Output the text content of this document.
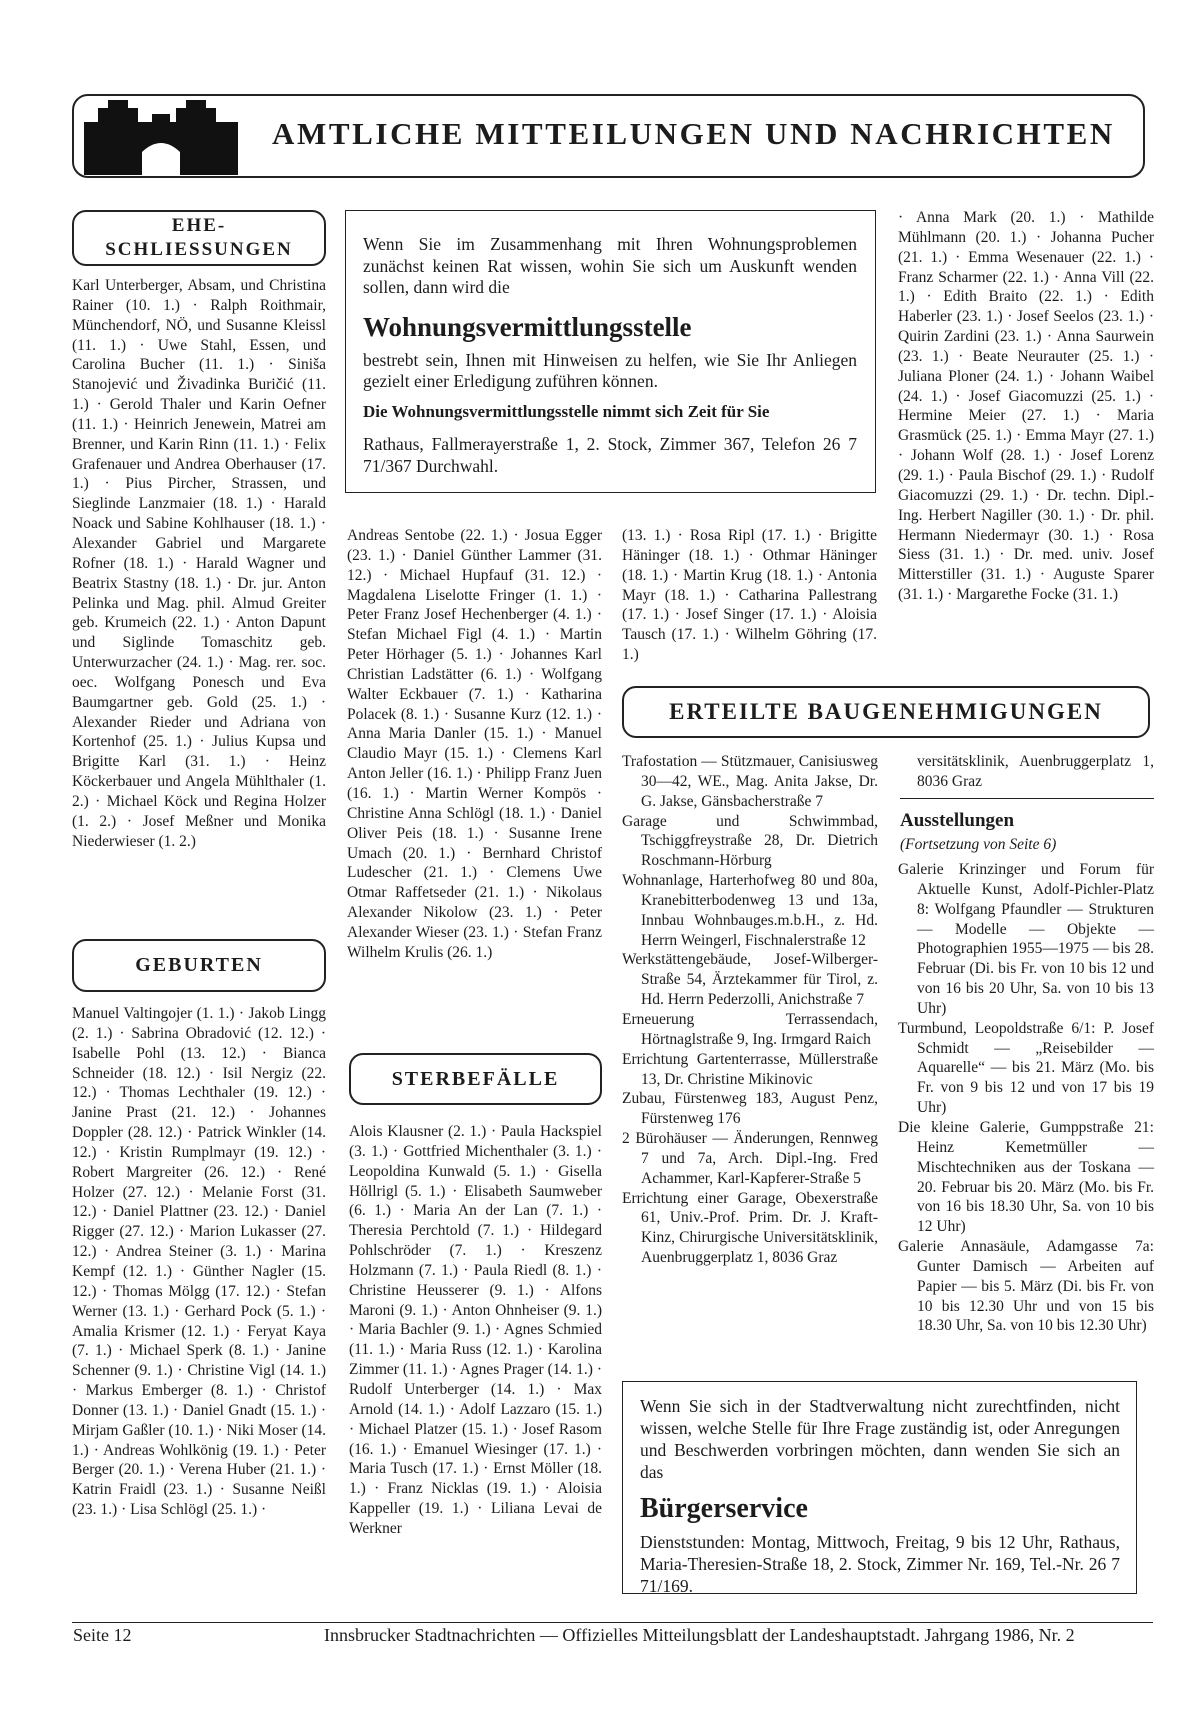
AMTLICHE MITTEILUNGEN UND NACHRICHTEN
EHE-
SCHLIESSUNGEN

Karl Unterberger, Absam, und Christina Rainer (10. 1.) · Ralph Roithmair, Münchendorf, NÖ, und Susanne Kleissl (11. 1.) · Uwe Stahl, Essen, und Carolina Bucher (11. 1.) · Siniša Stanojević und Živadinka Buričić (11. 1.) · Gerold Thaler und Karin Oefner (11. 1.) · Heinrich Jenewein, Matrei am Brenner, und Karin Rinn (11. 1.) · Felix Grafenauer und Andrea Oberhauser (17. 1.) · Pius Pircher, Strassen, und Sieglinde Lanzmaier (18. 1.) · Harald Noack und Sabine Kohlhauser (18. 1.) · Alexander Gabriel und Margarete Rofner (18. 1.) · Harald Wagner und Beatrix Stastny (18. 1.) · Dr. jur. Anton Pelinka und Mag. phil. Almud Greiter geb. Krumeich (22. 1.) · Anton Dapunt und Siglinde Tomaschitz geb. Unterwurzacher (24. 1.) · Mag. rer. soc. oec. Wolfgang Ponesch und Eva Baumgartner geb. Gold (25. 1.) · Alexander Rieder und Adriana von Kortenhof (25. 1.) · Julius Kupsa und Brigitte Karl (31. 1.) · Heinz Köckerbauer und Angela Mühlthaler (1. 2.) · Michael Köck und Regina Holzer (1. 2.) · Josef Meßner und Monika Niederwieser (1. 2.)

GEBURTEN

Manuel Valtingojer (1. 1.) · Jakob Lingg (2. 1.) · Sabrina Obradović (12. 12.) · Isabelle Pohl (13. 12.) · Bianca Schneider (18. 12.) · Isil Nergiz (22. 12.) · Thomas Lechthaler (19. 12.) · Janine Prast (21. 12.) · Johannes Doppler (28. 12.) · Patrick Winkler (14. 12.) · Kristin Rumplmayr (19. 12.) · Robert Margreiter (26. 12.) · René Holzer (27. 12.) · Melanie Forst (31. 12.) · Daniel Plattner (23. 12.) · Daniel Rigger (27. 12.) · Marion Lukasser (27. 12.) · Andrea Steiner (3. 1.) · Marina Kempf (12. 1.) · Günther Nagler (15. 12.) · Thomas Mölgg (17. 12.) · Stefan Werner (13. 1.) · Gerhard Pock (5. 1.) · Amalia Krismer (12. 1.) · Feryat Kaya (7. 1.) · Michael Sperk (8. 1.) · Janine Schenner (9. 1.) · Christine Vigl (14. 1.) · Markus Emberger (8. 1.) · Christof Donner (13. 1.) · Daniel Gnadt (15. 1.) · Mirjam Gaßler (10. 1.) · Niki Moser (14. 1.) · Andreas Wohlkönig (19. 1.) · Peter Berger (20. 1.) · Verena Huber (21. 1.) · Katrin Fraidl (23. 1.) · Susanne Neißl (23. 1.) · Lisa Schlögl (25. 1.) ·

Wenn Sie im Zusammenhang mit Ihren Wohnungsproblemen zunächst keinen Rat wissen, wohin Sie sich um Auskunft wenden sollen, dann wird die

Wohnungsvermittlungsstelle

bestrebt sein, Ihnen mit Hinweisen zu helfen, wie Sie Ihr Anliegen gezielt einer Erledigung zuführen können.

Die Wohnungsvermittlungsstelle nimmt sich Zeit für Sie

Rathaus, Fallmerayerstraße 1, 2. Stock, Zimmer 367, Telefon 26 7 71/367 Durchwahl.

Andreas Sentobe (22. 1.) · Josua Egger (23. 1.) · Daniel Günther Lammer (31. 12.) · Michael Hupfauf (31. 12.) · Magdalena Liselotte Fringer (1. 1.) · Peter Franz Josef Hechenberger (4. 1.) · Stefan Michael Figl (4. 1.) · Martin Peter Hörhager (5. 1.) · Johannes Karl Christian Ladstätter (6. 1.) · Wolfgang Walter Eckbauer (7. 1.) · Katharina Polacek (8. 1.) · Susanne Kurz (12. 1.) · Anna Maria Danler (15. 1.) · Manuel Claudio Mayr (15. 1.) · Clemens Karl Anton Jeller (16. 1.) · Philipp Franz Juen (16. 1.) · Martin Werner Kompös · Christine Anna Schlögl (18. 1.) · Daniel Oliver Peis (18. 1.) · Susanne Irene Umach (20. 1.) · Bernhard Christof Ludescher (21. 1.) · Clemens Uwe Otmar Raffetseder (21. 1.) · Nikolaus Alexander Nikolow (23. 1.) · Peter Alexander Wieser (23. 1.) · Stefan Franz Wilhelm Krulis (26. 1.)

STERBEFÄLLE

Alois Klausner (2. 1.) · Paula Hackspiel (3. 1.) · Gottfried Michenthaler (3. 1.) · Leopoldina Kunwald (5. 1.) · Gisella Höllrigl (5. 1.) · Elisabeth Saumweber (6. 1.) · Maria An der Lan (7. 1.) · Theresia Perchtold (7. 1.) · Hildegard Pohlschröder (7. 1.) · Kreszenz Holzmann (7. 1.) · Paula Riedl (8. 1.) · Christine Heusserer (9. 1.) · Alfons Maroni (9. 1.) · Anton Ohnheiser (9. 1.) · Maria Bachler (9. 1.) · Agnes Schmied (11. 1.) · Maria Russ (12. 1.) · Karolina Zimmer (11. 1.) · Agnes Prager (14. 1.) · Rudolf Unterberger (14. 1.) · Max Arnold (14. 1.) · Adolf Lazzaro (15. 1.) · Michael Platzer (15. 1.) · Josef Rasom (16. 1.) · Emanuel Wiesinger (17. 1.) · Maria Tusch (17. 1.) · Ernst Möller (18. 1.) · Franz Nicklas (19. 1.) · Aloisia Kappeller (19. 1.) · Liliana Levai de Werkner

(13. 1.) · Rosa Ripl (17. 1.) · Brigitte Häninger (18. 1.) · Othmar Häninger (18. 1.) · Martin Krug (18. 1.) · Antonia Mayr (18. 1.) · Catharina Pallestrang (17. 1.) · Josef Singer (17. 1.) · Aloisia Tausch (17. 1.) · Wilhelm Göhring (17. 1.)

· Anna Mark (20. 1.) · Mathilde Mühlmann (20. 1.) · Johanna Pucher (21. 1.) · Emma Wesenauer (22. 1.) · Franz Scharmer (22. 1.) · Anna Vill (22. 1.) · Edith Braito (22. 1.) · Edith Haberler (23. 1.) · Josef Seelos (23. 1.) · Quirin Zardini (23. 1.) · Anna Saurwein (23. 1.) · Beate Neurauter (25. 1.) · Juliana Ploner (24. 1.) · Johann Waibel (24. 1.) · Josef Giacomuzzi (25. 1.) · Hermine Meier (27. 1.) · Maria Grasmück (25. 1.) · Emma Mayr (27. 1.) · Johann Wolf (28. 1.) · Josef Lorenz (29. 1.) · Paula Bischof (29. 1.) · Rudolf Giacomuzzi (29. 1.) · Dr. techn. Dipl.-Ing. Herbert Nagiller (30. 1.) · Dr. phil. Hermann Niedermayr (30. 1.) · Rosa Siess (31. 1.) · Dr. med. univ. Josef Mitterstiller (31. 1.) · Auguste Sparer (31. 1.) · Margarethe Focke (31. 1.)

ERTEILTE BAUGENEHMIGUNGEN

Trafostation — Stützmauer, Canisiusweg 30—42, WE., Mag. Anita Jakse, Dr. G. Jakse, Gänsbacherstraße 7

Garage und Schwimmbad, Tschiggfreystraße 28, Dr. Dietrich Roschmann-Hörburg

Wohnanlage, Harterhofweg 80 und 80a, Kranebitterbodenweg 13 und 13a, Innbau Wohnbauges.m.b.H., z. Hd. Herrn Weingerl, Fischnalerstraße 12

Werkstättengebäude, Josef-Wilberger-Straße 54, Ärztekammer für Tirol, z. Hd. Herrn Pederzolli, Anichstraße 7

Erneuerung Terrassendach, Hörtnaglstraße 9, Ing. Irmgard Raich

Errichtung Gartenterrasse, Müllerstraße 13, Dr. Christine Mikinovic

Zubau, Fürstenweg 183, August Penz, Fürstenweg 176

2 Bürohäuser — Änderungen, Rennweg 7 und 7a, Arch. Dipl.-Ing. Fred Achammer, Karl-Kapferer-Straße 5

Errichtung einer Garage, Obexerstraße 61, Univ.-Prof. Prim. Dr. J. Kraft-Kinz, Chirurgische Universitätsklinik, Auenbruggerplatz 1, 8036 Graz

versitätsklinik, Auenbruggerplatz 1, 8036 Graz

Ausstellungen
(Fortsetzung von Seite 6)

Galerie Krinzinger und Forum für Aktuelle Kunst, Adolf-Pichler-Platz 8: Wolfgang Pfaundler — Strukturen — Modelle — Objekte — Photographien 1955—1975 — bis 28. Februar (Di. bis Fr. von 10 bis 12 und von 16 bis 20 Uhr, Sa. von 10 bis 13 Uhr)

Turmbund, Leopoldstraße 6/1: P. Josef Schmidt — „Reisebilder — Aquarelle“ — bis 21. März (Mo. bis Fr. von 9 bis 12 und von 17 bis 19 Uhr)

Die kleine Galerie, Gumppstraße 21: Heinz Kemetmüller — Mischtechniken aus der Toskana — 20. Februar bis 20. März (Mo. bis Fr. von 16 bis 18.30 Uhr, Sa. von 10 bis 12 Uhr)

Galerie Annasäule, Adamgasse 7a: Gunter Damisch — Arbeiten auf Papier — bis 5. März (Di. bis Fr. von 10 bis 12.30 Uhr und von 15 bis 18.30 Uhr, Sa. von 10 bis 12.30 Uhr)

Wenn Sie sich in der Stadtverwaltung nicht zurechtfinden, nicht wissen, welche Stelle für Ihre Frage zuständig ist, oder Anregungen und Beschwerden vorbringen möchten, dann wenden Sie sich an das

Bürgerservice

Dienststunden: Montag, Mittwoch, Freitag, 9 bis 12 Uhr, Rathaus, Maria-Theresien-Straße 18, 2. Stock, Zimmer Nr. 169, Tel.-Nr. 26 7 71/169.

Seite 12	Innsbrucker Stadtnachrichten — Offizielles Mitteilungsblatt der Landeshauptstadt. Jahrgang 1986, Nr. 2
